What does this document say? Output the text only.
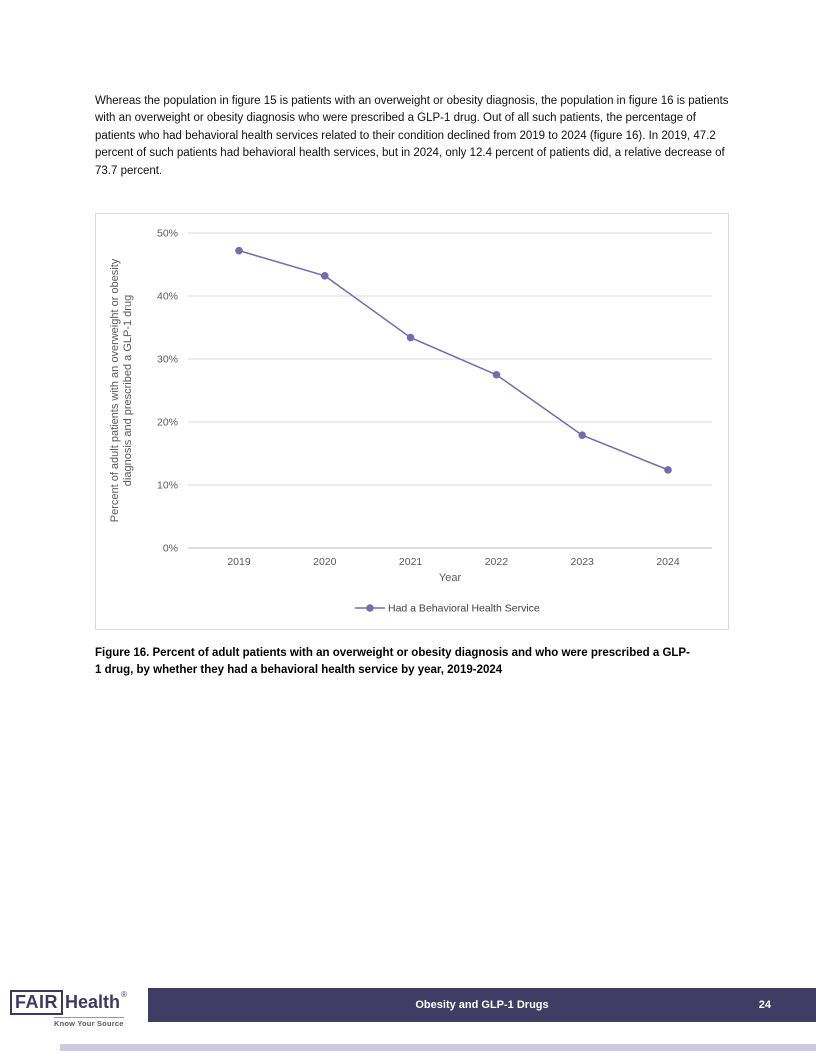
Whereas the population in figure 15 is patients with an overweight or obesity diagnosis, the population in figure 16 is patients with an overweight or obesity diagnosis who were prescribed a GLP-1 drug. Out of all such patients, the percentage of patients who had behavioral health services related to their condition declined from 2019 to 2024 (figure 16). In 2019, 47.2 percent of such patients had behavioral health services, but in 2024, only 12.4 percent of patients did, a relative decrease of 73.7 percent.

0%
10%
20%
30%
40%
50%
2019	2020	2021	2022	2023	2024
Year
Percent of adult patients with an overweight or obesity diagnosis and prescribed a GLP-1 drug
Had a Behavioral Health Service

Figure 16. Percent of adult patients with an overweight or obesity diagnosis and who were prescribed a GLP-1 drug, by whether they had a behavioral health service by year, 2019-2024

FAIR Health ®
Know Your Source
Obesity and GLP-1 Drugs	24
